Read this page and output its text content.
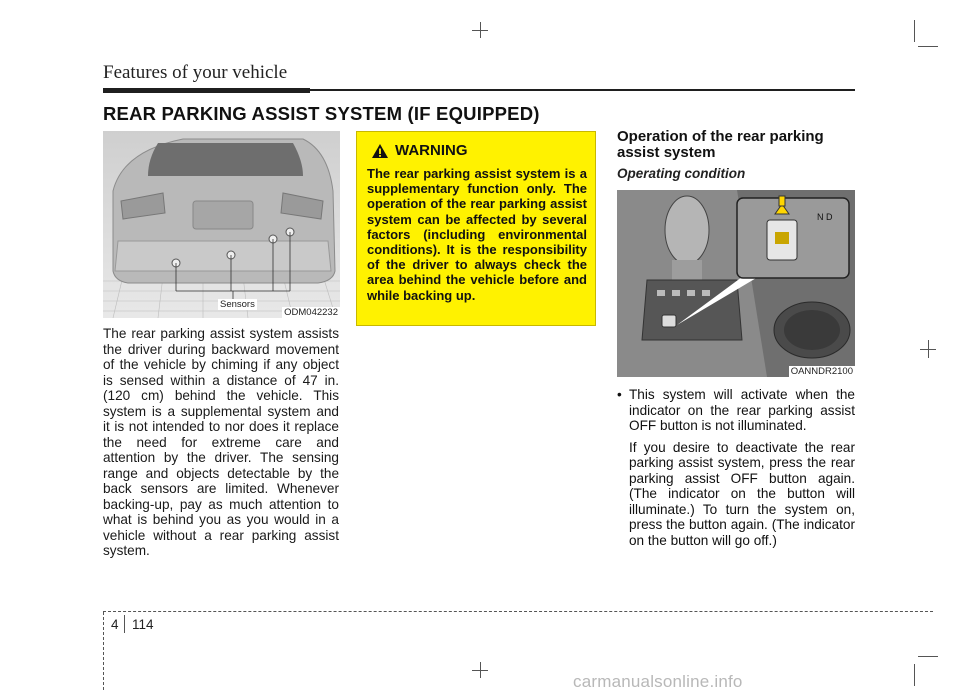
Features of your vehicle
REAR PARKING ASSIST SYSTEM (IF EQUIPPED)
Sensors
ODM042232
The rear parking assist system assists the driver during backward movement of the vehicle by chiming if any object is sensed within a distance of 47 in. (120 cm) behind the vehicle. This system is a supplemental system and it is not intended to nor does it replace the need for extreme care and attention by the driver. The sensing range and objects detectable by the back sensors are limited. Whenever backing-up, pay as much attention to what is behind you as you would in a vehicle without a rear parking assist system.
WARNING
The rear parking assist system is a supplementary function only. The operation of the rear parking assist system can be affected by several factors (including environmental conditions). It is the responsibility of the driver to always check the area behind the vehicle before and while backing up.
Operation of the rear parking assist system
Operating condition
N D
OANNDR2100
• This system will activate when the indicator on the rear parking assist OFF button is not illuminated.
If you desire to deactivate the rear parking assist system, press the rear parking assist OFF button again. (The indicator on the button will illuminate.) To turn the system on, press the button again. (The indicator on the button will go off.)
4 114
carmanualsonline.info
